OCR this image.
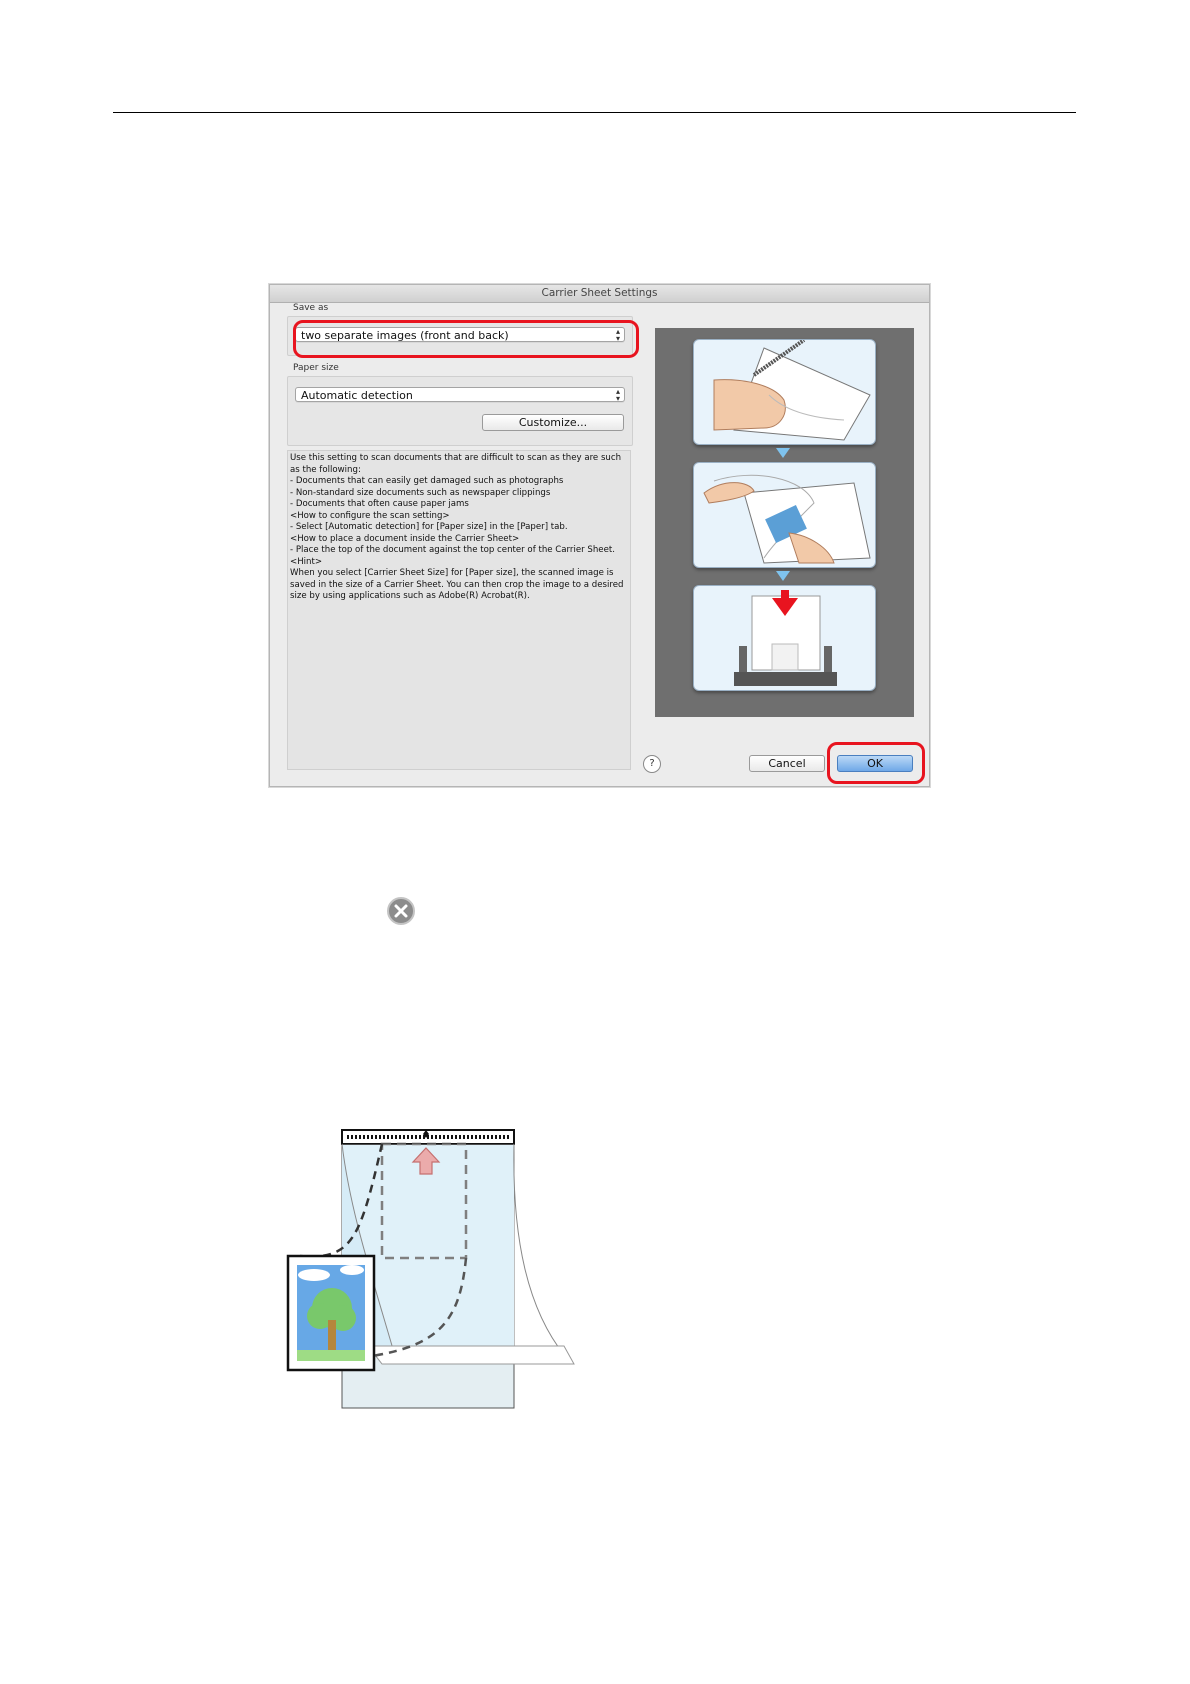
Carrier Sheet Settings
Save as
two separate images (front and back)	▴
▾
Paper size
Automatic detection	▴
▾
Customize...

Use this setting to scan documents that are difficult to scan as they are such as the following:

- Documents that can easily get damaged such as photographs

- Non-standard size documents such as newspaper clippings

- Documents that often cause paper jams

<How to configure the scan setting>

- Select [Automatic detection] for [Paper size] in the [Paper] tab.

<How to place a document inside the Carrier Sheet>

- Place the top of the document against the top center of the Carrier Sheet.

<Hint>

When you select [Carrier Sheet Size] for [Paper size], the scanned image is saved in the size of a Carrier Sheet. You can then crop the image to a desired size by using applications such as Adobe(R) Acrobat(R).

?	Cancel	OK
